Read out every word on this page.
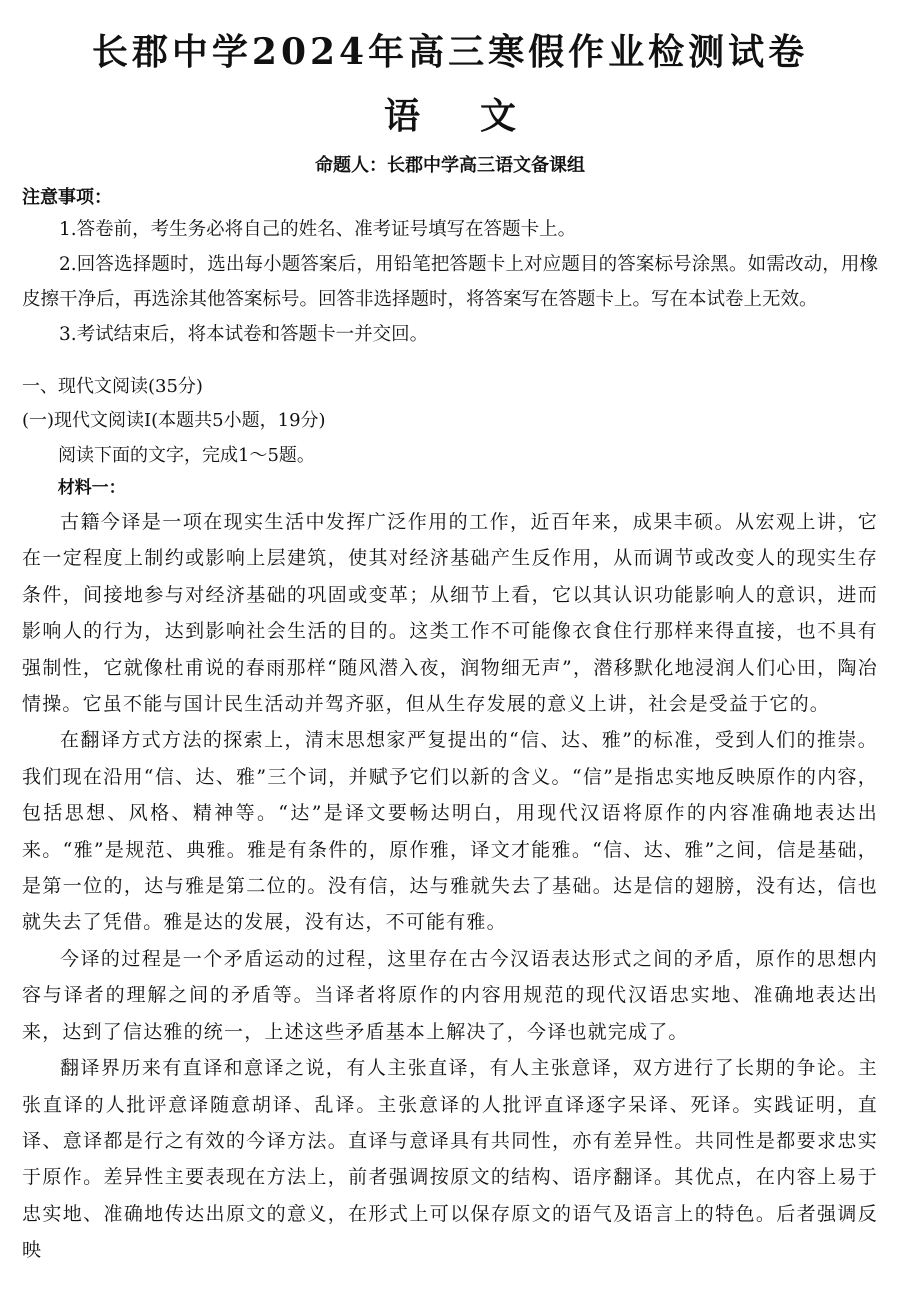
长郡中学2024年高三寒假作业检测试卷
语文
命题人：长郡中学高三语文备课组
注意事项：

1.答卷前，考生务必将自己的姓名、准考证号填写在答题卡上。

2.回答选择题时，选出每小题答案后，用铅笔把答题卡上对应题目的答案标号涂黑。如需改动，用橡皮擦干净后，再选涂其他答案标号。回答非选择题时，将答案写在答题卡上。写在本试卷上无效。

3.考试结束后，将本试卷和答题卡一并交回。

一、现代文阅读(35分)
(一)现代文阅读Ⅰ(本题共5小题，19分)
阅读下面的文字，完成1～5题。
材料一：

古籍今译是一项在现实生活中发挥广泛作用的工作，近百年来，成果丰硕。从宏观上讲，它在一定程度上制约或影响上层建筑，使其对经济基础产生反作用，从而调节或改变人的现实生存条件，间接地参与对经济基础的巩固或变革；从细节上看，它以其认识功能影响人的意识，进而影响人的行为，达到影响社会生活的目的。这类工作不可能像衣食住行那样来得直接，也不具有强制性，它就像杜甫说的春雨那样“随风潜入夜，润物细无声”，潜移默化地浸润人们心田，陶冶情操。它虽不能与国计民生活动并驾齐驱，但从生存发展的意义上讲，社会是受益于它的。

在翻译方式方法的探索上，清末思想家严复提出的“信、达、雅”的标准，受到人们的推崇。我们现在沿用“信、达、雅”三个词，并赋予它们以新的含义。“信”是指忠实地反映原作的内容，包括思想、风格、精神等。“达”是译文要畅达明白，用现代汉语将原作的内容准确地表达出来。“雅”是规范、典雅。雅是有条件的，原作雅，译文才能雅。“信、达、雅”之间，信是基础，是第一位的，达与雅是第二位的。没有信，达与雅就失去了基础。达是信的翅膀，没有达，信也就失去了凭借。雅是达的发展，没有达，不可能有雅。

今译的过程是一个矛盾运动的过程，这里存在古今汉语表达形式之间的矛盾，原作的思想内容与译者的理解之间的矛盾等。当译者将原作的内容用规范的现代汉语忠实地、准确地表达出来，达到了信达雅的统一，上述这些矛盾基本上解决了，今译也就完成了。

翻译界历来有直译和意译之说，有人主张直译，有人主张意译，双方进行了长期的争论。主张直译的人批评意译随意胡译、乱译。主张意译的人批评直译逐字呆译、死译。实践证明，直译、意译都是行之有效的今译方法。直译与意译具有共同性，亦有差异性。共同性是都要求忠实于原作。差异性主要表现在方法上，前者强调按原文的结构、语序翻译。其优点，在内容上易于忠实地、准确地传达出原文的意义，在形式上可以保存原文的语气及语言上的特色。后者强调反映
